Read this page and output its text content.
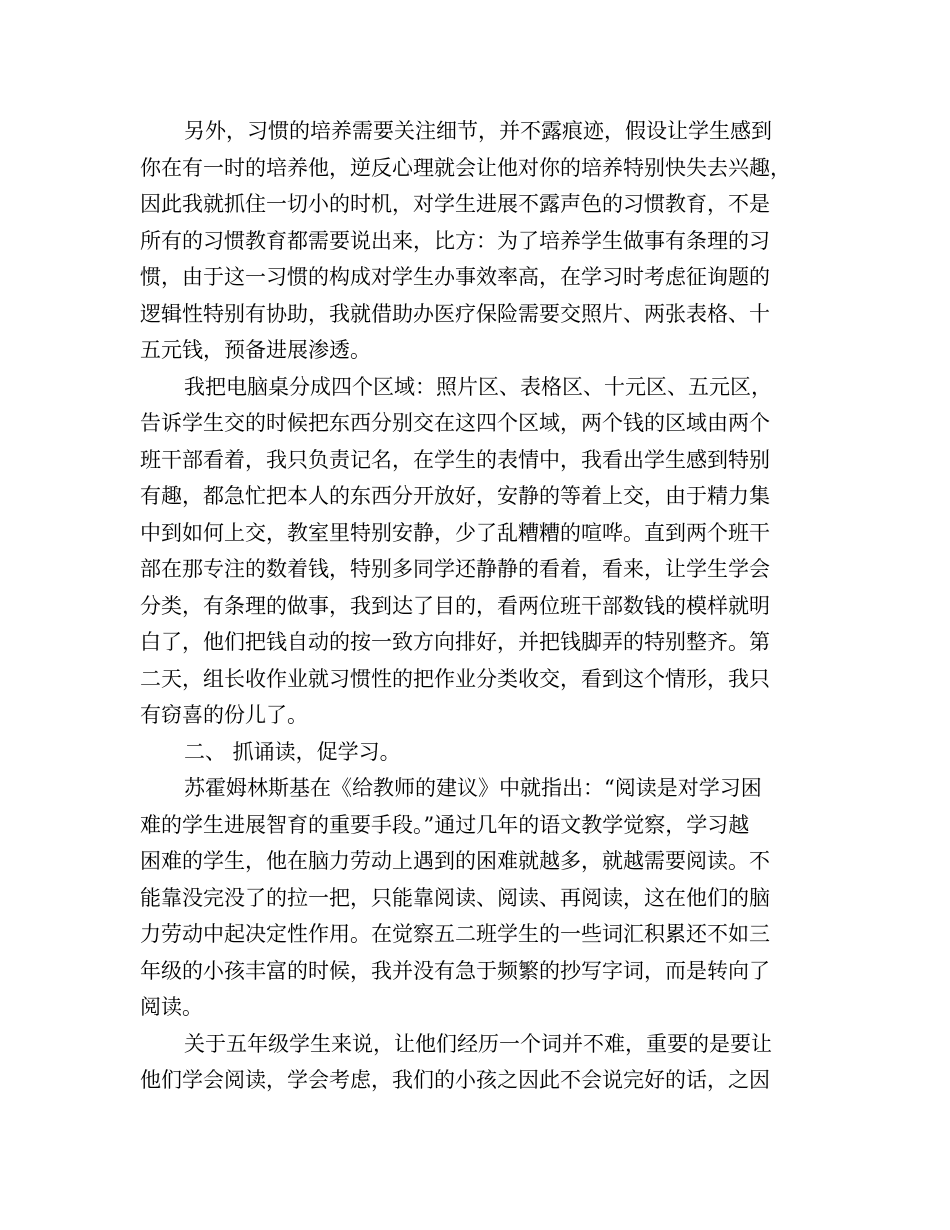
另外，习惯的培养需要关注细节，并不露痕迹，假设让学生感到
你在有一时的培养他，逆反心理就会让他对你的培养特别快失去兴趣，
因此我就抓住一切小的时机，对学生进展不露声色的习惯教育，不是
所有的习惯教育都需要说出来，比方：为了培养学生做事有条理的习
惯，由于这一习惯的构成对学生办事效率高，在学习时考虑征询题的
逻辑性特别有协助，我就借助办医疗保险需要交照片、两张表格、十
五元钱，预备进展渗透。
我把电脑桌分成四个区域：照片区、表格区、十元区、五元区，
告诉学生交的时候把东西分别交在这四个区域，两个钱的区域由两个
班干部看着，我只负责记名，在学生的表情中，我看出学生感到特别
有趣，都急忙把本人的东西分开放好，安静的等着上交，由于精力集
中到如何上交，教室里特别安静，少了乱糟糟的喧哗。直到两个班干
部在那专注的数着钱，特别多同学还静静的看着，看来，让学生学会
分类，有条理的做事，我到达了目的，看两位班干部数钱的模样就明
白了，他们把钱自动的按一致方向排好，并把钱脚弄的特别整齐。第
二天，组长收作业就习惯性的把作业分类收交，看到这个情形，我只
有窃喜的份儿了。
二、 抓诵读，促学习。
苏霍姆林斯基在《给教师的建议》中就指出：“阅读是对学习困
难的学生进展智育的重要手段。”通过几年的语文教学觉察，学习越
困难的学生，他在脑力劳动上遇到的困难就越多，就越需要阅读。不
能靠没完没了的拉一把，只能靠阅读、阅读、再阅读，这在他们的脑
力劳动中起决定性作用。在觉察五二班学生的一些词汇积累还不如三
年级的小孩丰富的时候，我并没有急于频繁的抄写字词，而是转向了
阅读。
关于五年级学生来说，让他们经历一个词并不难，重要的是要让
他们学会阅读，学会考虑，我们的小孩之因此不会说完好的话，之因
